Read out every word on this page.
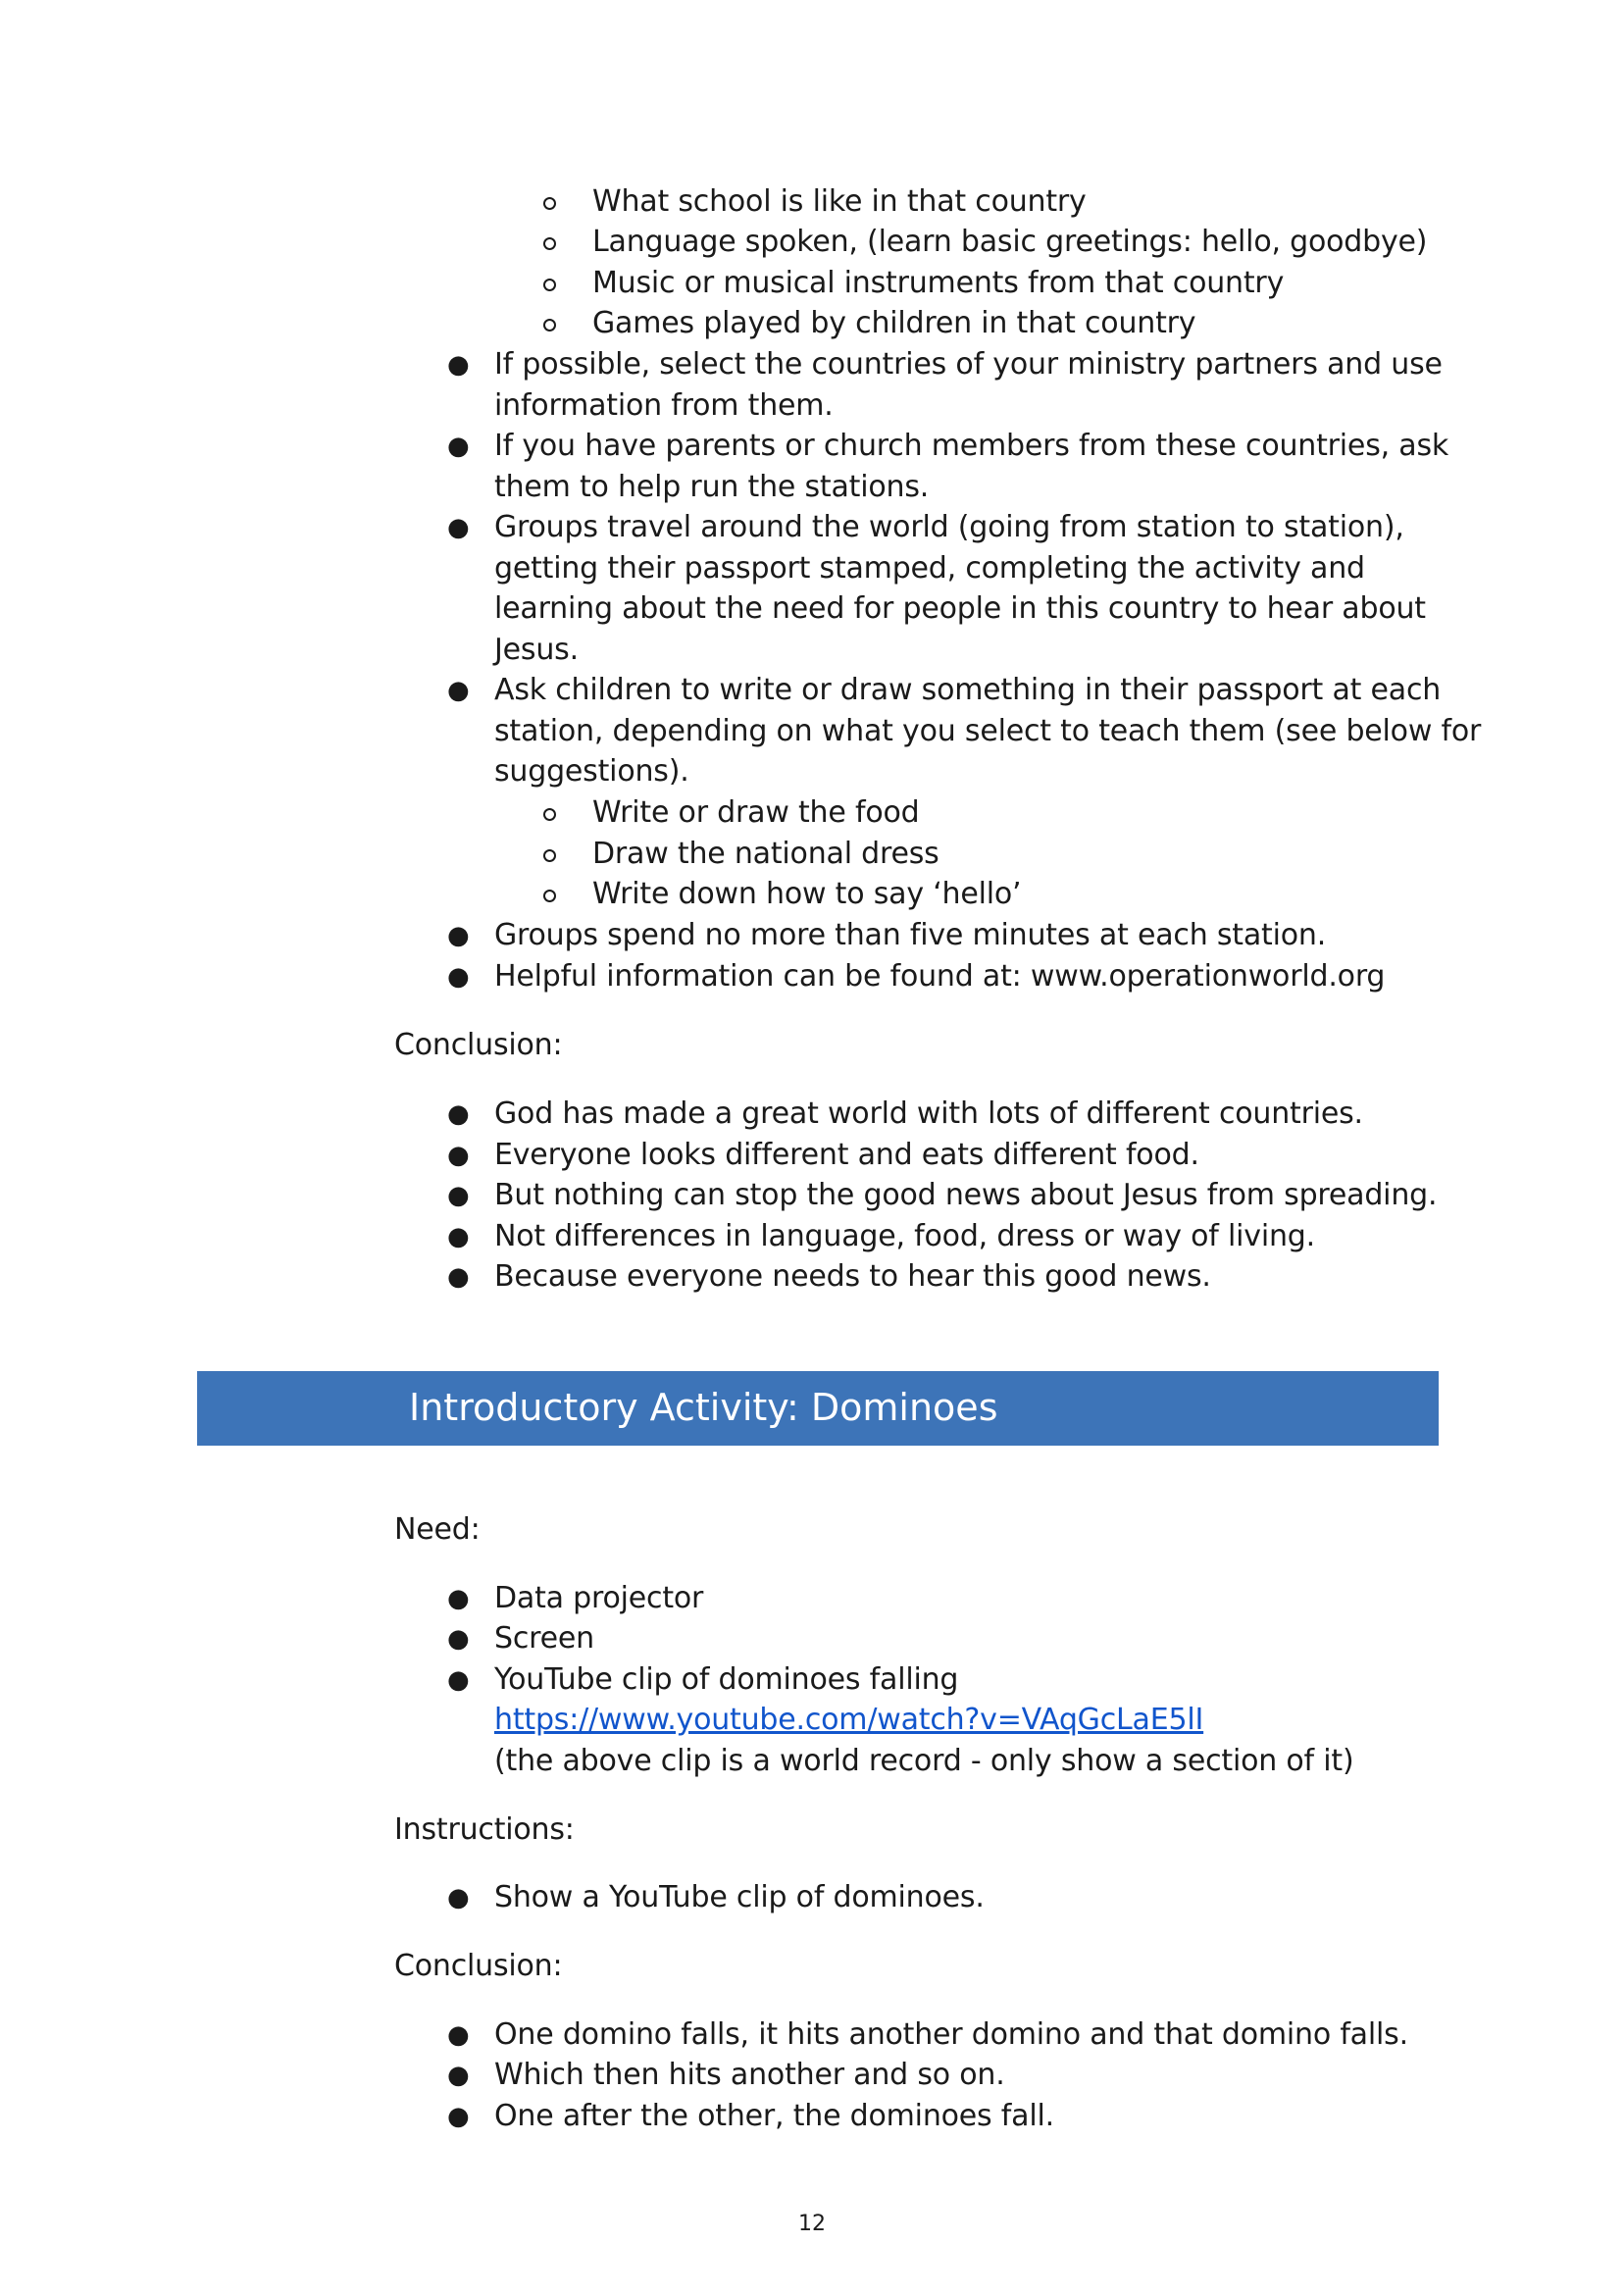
What school is like in that country
Language spoken, (learn basic greetings: hello, goodbye)
Music or musical instruments from that country
Games played by children in that country
● If possible, select the countries of your ministry partners and use
information from them.
● If you have parents or church members from these countries, ask
them to help run the stations.
● Groups travel around the world (going from station to station),
getting their passport stamped, completing the activity and
learning about the need for people in this country to hear about
Jesus.
● Ask children to write or draw something in their passport at each
station, depending on what you select to teach them (see below for
suggestions).
Write or draw the food
Draw the national dress
Write down how to say ‘hello’
● Groups spend no more than five minutes at each station.
● Helpful information can be found at: www.operationworld.org
Conclusion:
● God has made a great world with lots of different countries.
● Everyone looks different and eats different food.
● But nothing can stop the good news about Jesus from spreading.
● Not differences in language, food, dress or way of living.
● Because everyone needs to hear this good news.
Introductory Activity: Dominoes
Need:
● Data projector
● Screen
● YouTube clip of dominoes falling
https://www.youtube.com/watch?v=VAqGcLaE5lI
(the above clip is a world record - only show a section of it)
Instructions:
● Show a YouTube clip of dominoes.
Conclusion:
● One domino falls, it hits another domino and that domino falls.
● Which then hits another and so on.
● One after the other, the dominoes fall.
12
